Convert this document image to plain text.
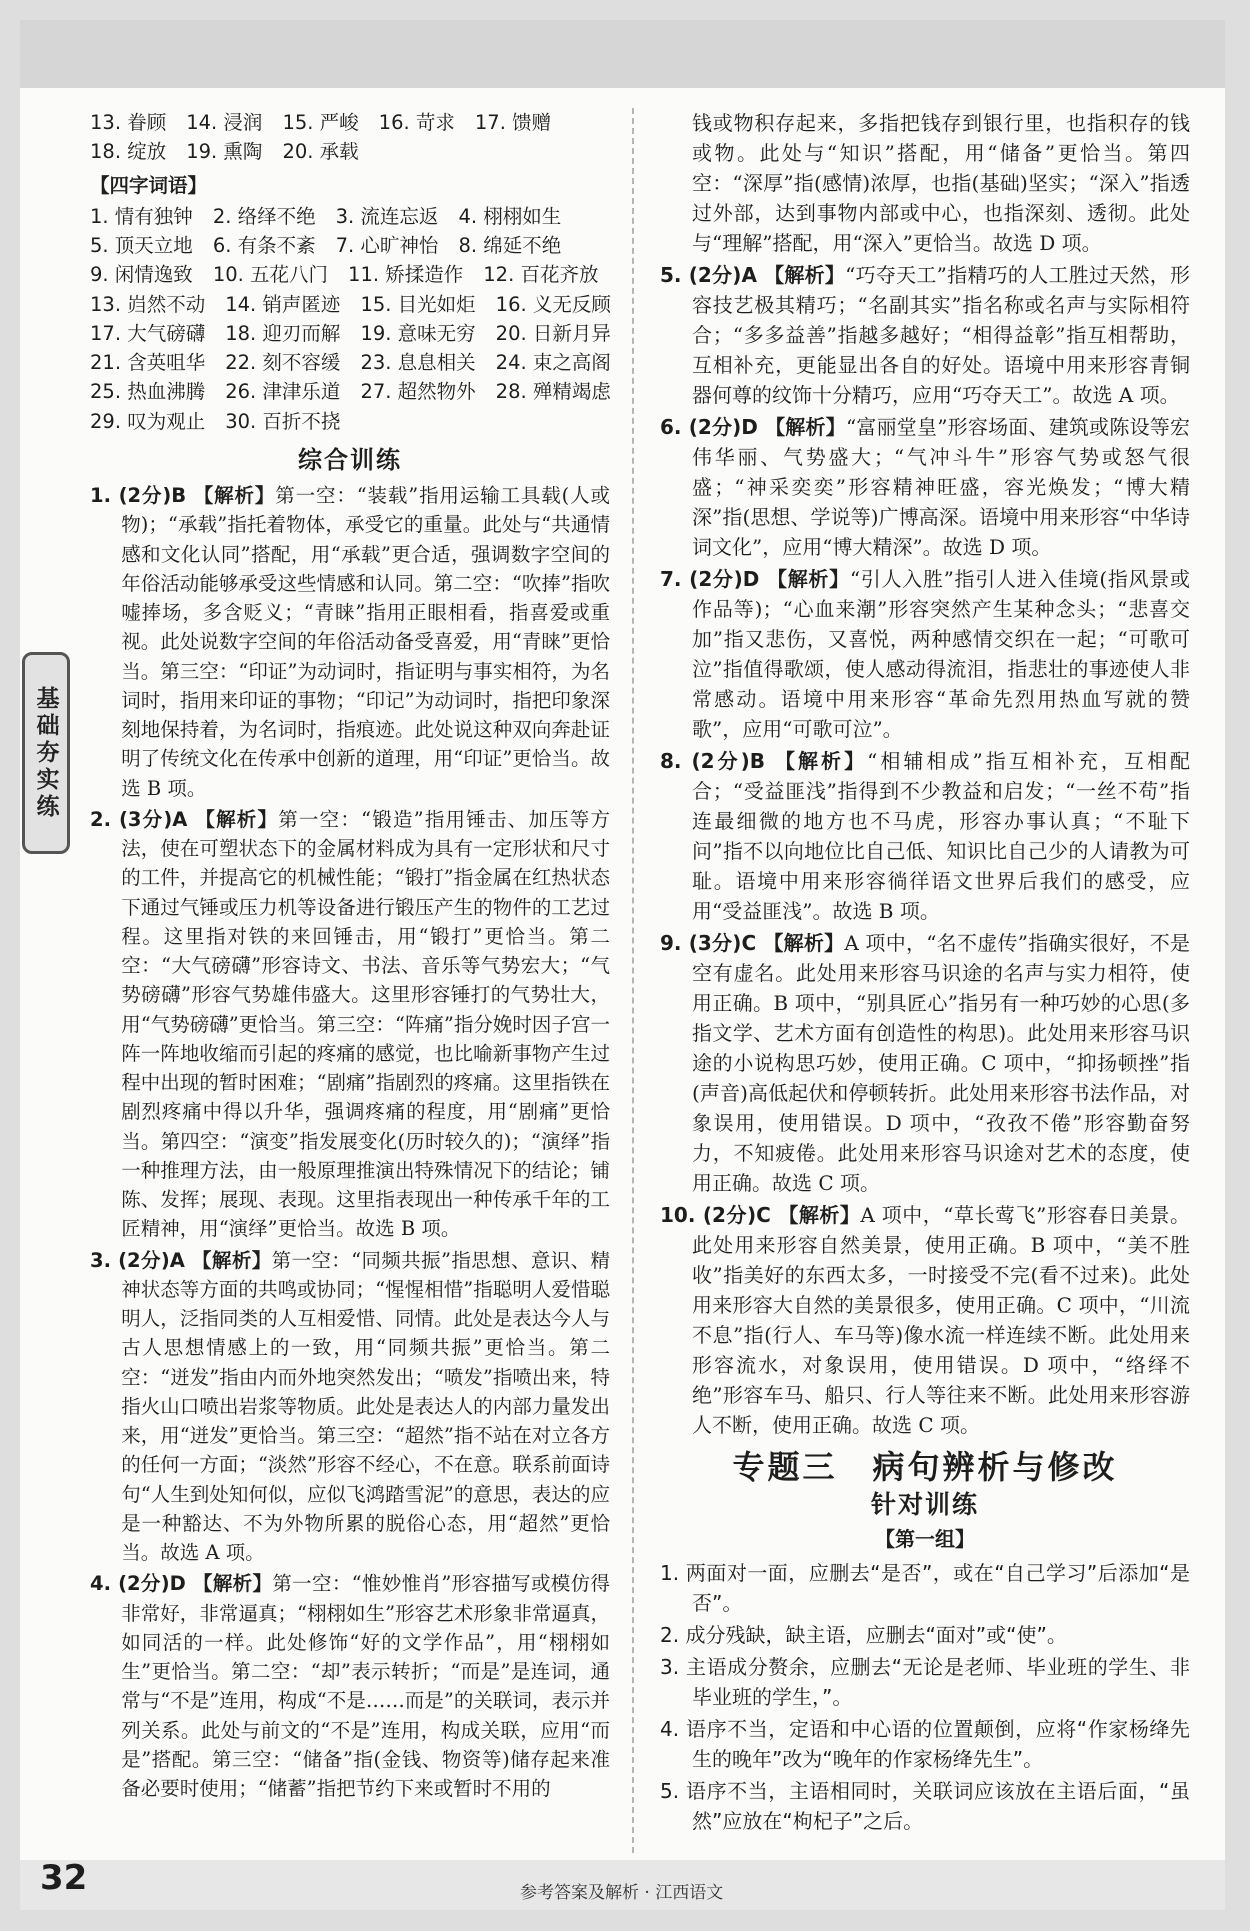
13. 眷顾 14. 浸润 15. 严峻 16. 苛求 17. 馈赠
18. 绽放 19. 熏陶 20. 承载
【四字词语】
1. 情有独钟 2. 络绎不绝 3. 流连忘返 4. 栩栩如生
5. 顶天立地 6. 有条不紊 7. 心旷神怡 8. 绵延不绝
9. 闲情逸致 10. 五花八门 11. 矫揉造作 12. 百花齐放
13. 岿然不动 14. 销声匿迹 15. 目光如炬 16. 义无反顾
17. 大气磅礴 18. 迎刃而解 19. 意味无穷 20. 日新月异
21. 含英咀华 22. 刻不容缓 23. 息息相关 24. 束之高阁
25. 热血沸腾 26. 津津乐道 27. 超然物外 28. 殚精竭虑
29. 叹为观止 30. 百折不挠
综合训练
1. (2分)B 【解析】第一空：“装载”指用运输工具载(人或物)；“承载”指托着物体，承受它的重量。此处与“共通情感和文化认同”搭配，用“承载”更合适，强调数字空间的年俗活动能够承受这些情感和认同。第二空：“吹捧”指吹嘘捧场，多含贬义；“青睐”指用正眼相看，指喜爱或重视。此处说数字空间的年俗活动备受喜爱，用“青睐”更恰当。第三空：“印证”为动词时，指证明与事实相符，为名词时，指用来印证的事物；“印记”为动词时，指把印象深刻地保持着，为名词时，指痕迹。此处说这种双向奔赴证明了传统文化在传承中创新的道理，用“印证”更恰当。故选 B 项。
2. (3分)A 【解析】第一空：“锻造”指用锤击、加压等方法，使在可塑状态下的金属材料成为具有一定形状和尺寸的工件，并提高它的机械性能；“锻打”指金属在红热状态下通过气锤或压力机等设备进行锻压产生的物件的工艺过程。这里指对铁的来回锤击，用“锻打”更恰当。第二空：“大气磅礴”形容诗文、书法、音乐等气势宏大；“气势磅礴”形容气势雄伟盛大。这里形容锤打的气势壮大，用“气势磅礴”更恰当。第三空：“阵痛”指分娩时因子宫一阵一阵地收缩而引起的疼痛的感觉，也比喻新事物产生过程中出现的暂时困难；“剧痛”指剧烈的疼痛。这里指铁在剧烈疼痛中得以升华，强调疼痛的程度，用“剧痛”更恰当。第四空：“演变”指发展变化(历时较久的)；“演绎”指一种推理方法，由一般原理推演出特殊情况下的结论；铺陈、发挥；展现、表现。这里指表现出一种传承千年的工匠精神，用“演绎”更恰当。故选 B 项。
3. (2分)A 【解析】第一空：“同频共振”指思想、意识、精神状态等方面的共鸣或协同；“惺惺相惜”指聪明人爱惜聪明人，泛指同类的人互相爱惜、同情。此处是表达今人与古人思想情感上的一致，用“同频共振”更恰当。第二空：“迸发”指由内而外地突然发出；“喷发”指喷出来，特指火山口喷出岩浆等物质。此处是表达人的内部力量发出来，用“迸发”更恰当。第三空：“超然”指不站在对立各方的任何一方面；“淡然”形容不经心，不在意。联系前面诗句“人生到处知何似，应似飞鸿踏雪泥”的意思，表达的应是一种豁达、不为外物所累的脱俗心态，用“超然”更恰当。故选 A 项。
4. (2分)D 【解析】第一空：“惟妙惟肖”形容描写或模仿得非常好，非常逼真；“栩栩如生”形容艺术形象非常逼真，如同活的一样。此处修饰“好的文学作品”，用“栩栩如生”更恰当。第二空：“却”表示转折；“而是”是连词，通常与“不是”连用，构成“不是……而是”的关联词，表示并列关系。此处与前文的“不是”连用，构成关联，应用“而是”搭配。第三空：“储备”指(金钱、物资等)储存起来准备必要时使用；“储蓄”指把节约下来或暂时不用的
钱或物积存起来，多指把钱存到银行里，也指积存的钱或物。此处与“知识”搭配，用“储备”更恰当。第四空：“深厚”指(感情)浓厚，也指(基础)坚实；“深入”指透过外部，达到事物内部或中心，也指深刻、透彻。此处与“理解”搭配，用“深入”更恰当。故选 D 项。
5. (2分)A 【解析】“巧夺天工”指精巧的人工胜过天然，形容技艺极其精巧；“名副其实”指名称或名声与实际相符合；“多多益善”指越多越好；“相得益彰”指互相帮助，互相补充，更能显出各自的好处。语境中用来形容青铜器何尊的纹饰十分精巧，应用“巧夺天工”。故选 A 项。
6. (2分)D 【解析】“富丽堂皇”形容场面、建筑或陈设等宏伟华丽、气势盛大；“气冲斗牛”形容气势或怒气很盛；“神采奕奕”形容精神旺盛，容光焕发；“博大精深”指(思想、学说等)广博高深。语境中用来形容“中华诗词文化”，应用“博大精深”。故选 D 项。
7. (2分)D 【解析】“引人入胜”指引人进入佳境(指风景或作品等)；“心血来潮”形容突然产生某种念头；“悲喜交加”指又悲伤，又喜悦，两种感情交织在一起；“可歌可泣”指值得歌颂，使人感动得流泪，指悲壮的事迹使人非常感动。语境中用来形容“革命先烈用热血写就的赞歌”，应用“可歌可泣”。
8. (2分)B 【解析】“相辅相成”指互相补充，互相配合；“受益匪浅”指得到不少教益和启发；“一丝不苟”指连最细微的地方也不马虎，形容办事认真；“不耻下问”指不以向地位比自己低、知识比自己少的人请教为可耻。语境中用来形容徜徉语文世界后我们的感受，应用“受益匪浅”。故选 B 项。
9. (3分)C 【解析】A 项中，“名不虚传”指确实很好，不是空有虚名。此处用来形容马识途的名声与实力相符，使用正确。B 项中，“别具匠心”指另有一种巧妙的心思(多指文学、艺术方面有创造性的构思)。此处用来形容马识途的小说构思巧妙，使用正确。C 项中，“抑扬顿挫”指(声音)高低起伏和停顿转折。此处用来形容书法作品，对象误用，使用错误。D 项中，“孜孜不倦”形容勤奋努力，不知疲倦。此处用来形容马识途对艺术的态度，使用正确。故选 C 项。
10. (2分)C 【解析】A 项中，“草长莺飞”形容春日美景。此处用来形容自然美景，使用正确。B 项中，“美不胜收”指美好的东西太多，一时接受不完(看不过来)。此处用来形容大自然的美景很多，使用正确。C 项中，“川流不息”指(行人、车马等)像水流一样连续不断。此处用来形容流水，对象误用，使用错误。D 项中，“络绎不绝”形容车马、船只、行人等往来不断。此处用来形容游人不断，使用正确。故选 C 项。
专题三　病句辨析与修改
针对训练
【第一组】
1. 两面对一面，应删去“是否”，或在“自己学习”后添加“是否”。
2. 成分残缺，缺主语，应删去“面对”或“使”。
3. 主语成分赘余，应删去“无论是老师、毕业班的学生、非毕业班的学生，”。
4. 语序不当，定语和中心语的位置颠倒，应将“作家杨绛先生的晚年”改为“晚年的作家杨绛先生”。
5. 语序不当，主语相同时，关联词应该放在主语后面，“虽然”应放在“枸杞子”之后。
基础夯实练
32	参考答案及解析 · 江西语文
